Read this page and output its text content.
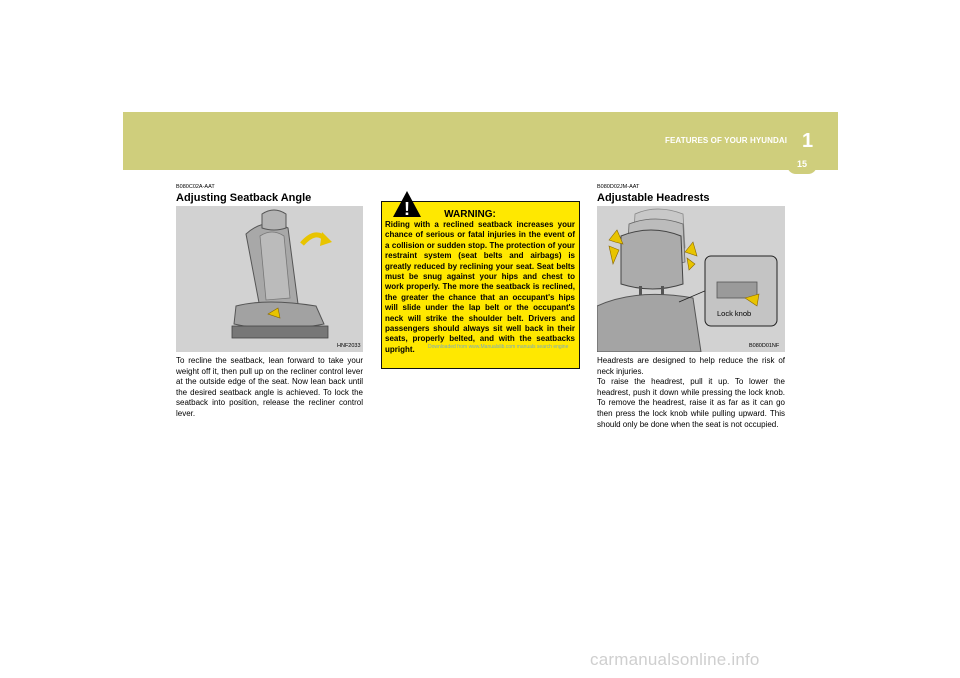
FEATURES OF YOUR HYUNDAI 1
15
B080C02A-AAT
Adjusting Seatback Angle
HNF2033

To recline the seatback, lean forward to take your weight off it, then pull up on the recliner control lever at the outside edge of the seat. Now lean back until the desired seatback angle is achieved. To lock the seatback into position, release the recliner control lever.

!	WARNING:

Riding with a reclined seatback increases your chance of serious or fatal injuries in the event of a collision or sudden stop. The protection of your restraint system (seat belts and airbags) is greatly reduced by reclining your seat. Seat belts must be snug against your hips and chest to work properly. The more the seatback is reclined, the greater the chance that an occupant's hips will slide under the lap belt or the occupant's neck will strike the shoulder belt. Drivers and passengers should always sit well back in their seats, properly belted, and with the seatbacks upright.	Downloaded from www.Manualslib.com manuals search engine
B080D02JM-AAT
Adjustable Headrests
Lock knob
B080D01NF

Headrests are designed to help reduce the risk of neck injuries.
To raise the headrest, pull it up. To lower the headrest, push it down while pressing the lock knob. To remove the headrest, raise it as far as it can go then press the lock knob while pulling upward. This should only be done when the seat is not occupied.

carmanualsonline.info
